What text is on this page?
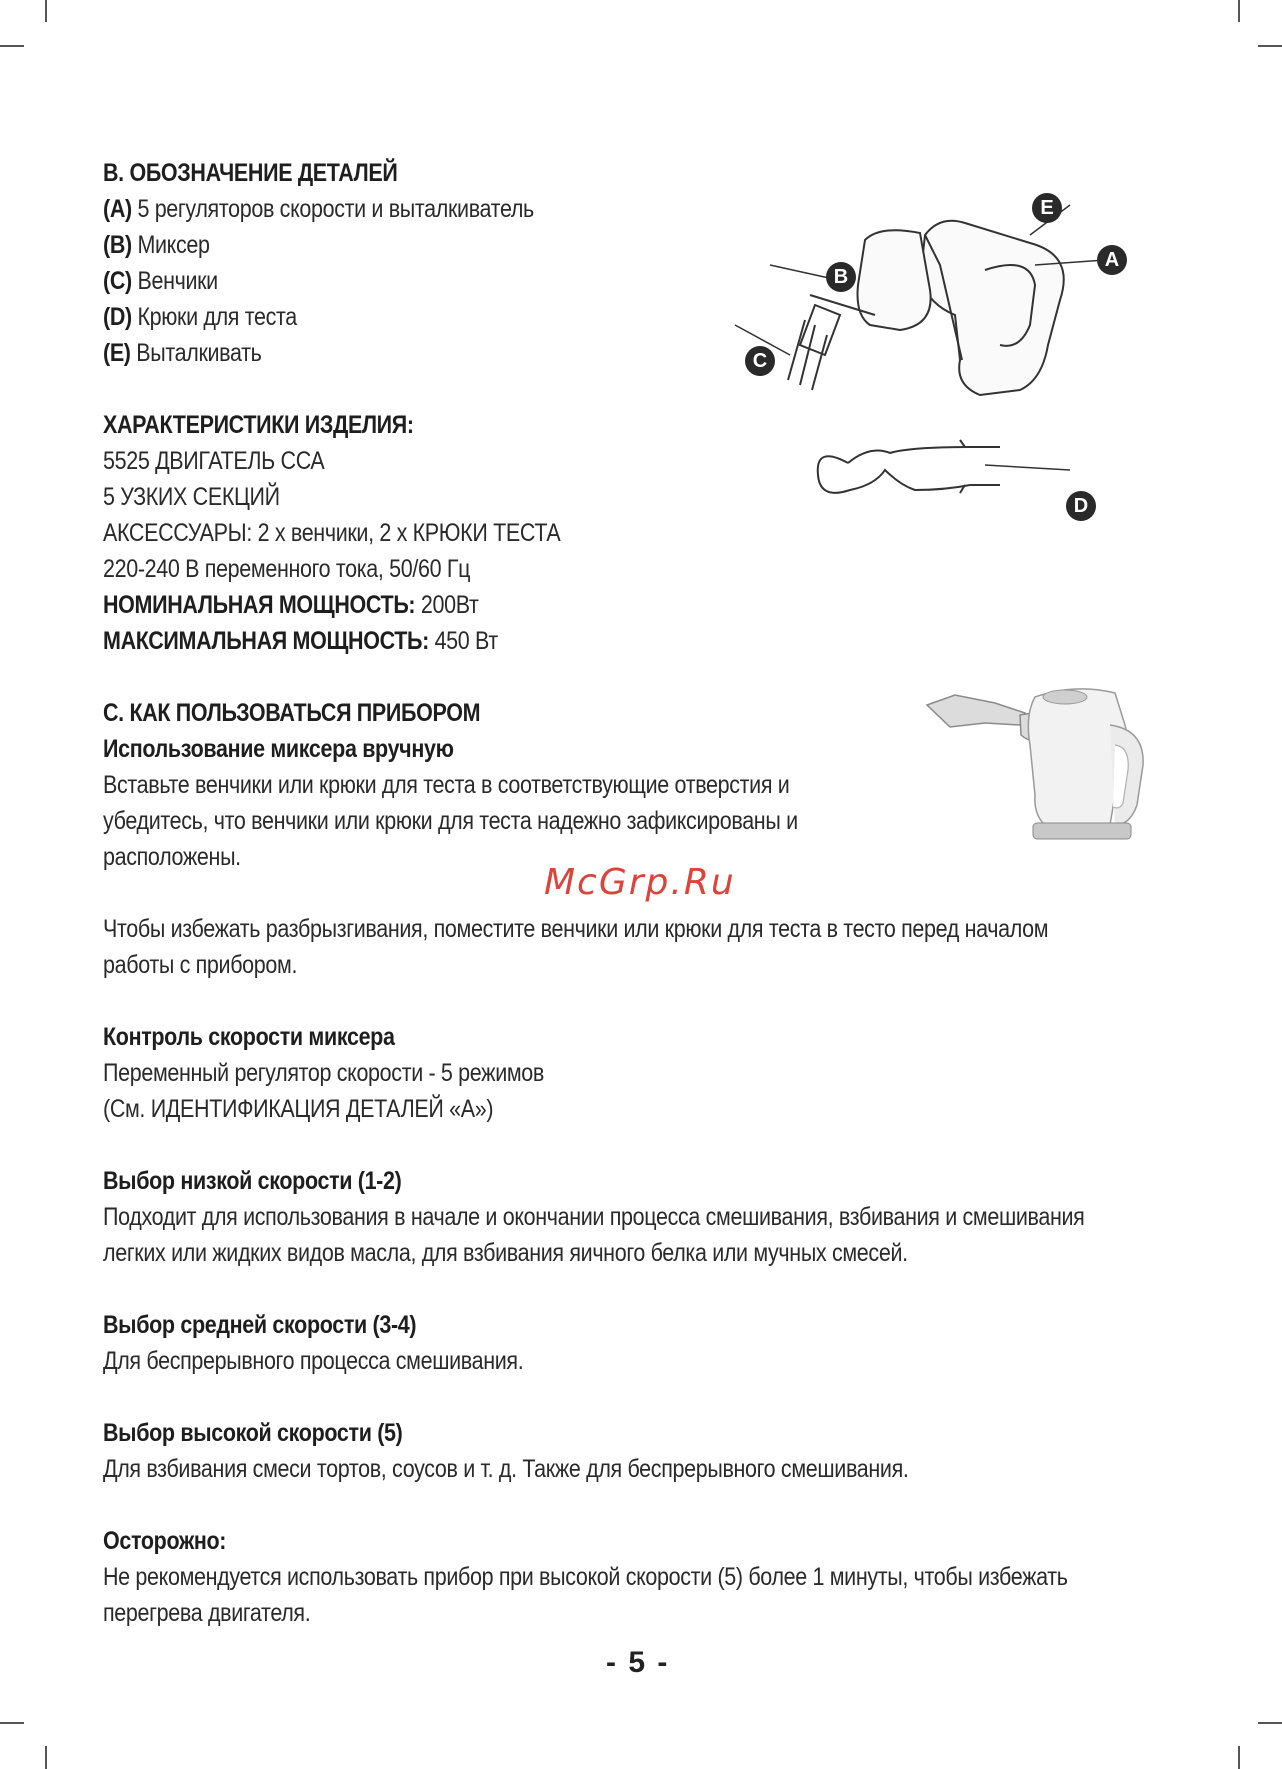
B. ОБОЗНАЧЕНИЕ ДЕТАЛЕЙ
(A) 5 регуляторов скорости и выталкиватель
(B) Миксер
(C) Венчики
(D) Крюки для теста
(E) Выталкивать
ХАРАКТЕРИСТИКИ ИЗДЕЛИЯ:
5525 ДВИГАТЕЛЬ ССА
5 УЗКИХ СЕКЦИЙ
АКСЕССУАРЫ: 2 x венчики, 2 x КРЮКИ ТЕСТА
220-240 В переменного тока, 50/60 Гц
НОМИНАЛЬНАЯ МОЩНОСТЬ: 200Вт
МАКСИМАЛЬНАЯ МОЩНОСТЬ: 450 Вт
E
A
B
C
D
C. КАК ПОЛЬЗОВАТЬСЯ ПРИБОРОМ
Использование миксера вручную
Вставьте венчики или крюки для теста в соответствующие отверстия и
убедитесь, что венчики или крюки для теста надежно зафиксированы и
расположены.
McGrp.Ru
Чтобы избежать разбрызгивания, поместите венчики или крюки для теста в тесто перед началом
работы с прибором.
Контроль скорости миксера
Переменный регулятор скорости - 5 режимов
(См. ИДЕНТИФИКАЦИЯ ДЕТАЛЕЙ «А»)
Выбор низкой скорости (1-2)
Подходит для использования в начале и окончании процесса смешивания, взбивания и смешивания
легких или жидких видов масла, для взбивания яичного белка или мучных смесей.
Выбор средней скорости (3-4)
Для беспрерывного процесса смешивания.
Выбор высокой скорости (5)
Для взбивания смеси тортов, соусов и т. д. Также для беспрерывного смешивания.
Осторожно:
Не рекомендуется использовать прибор при высокой скорости (5) более 1 минуты, чтобы избежать
перегрева двигателя.
- 5 -
